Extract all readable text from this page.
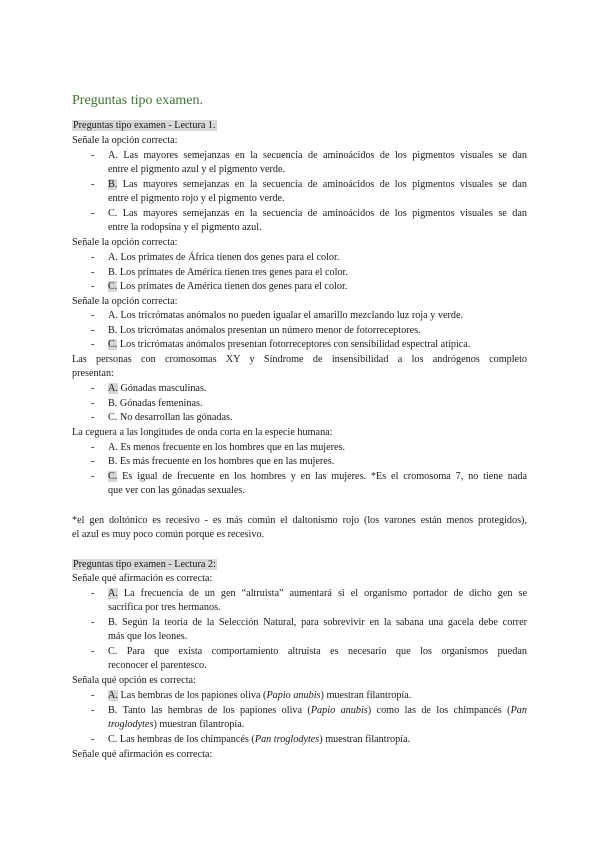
Preguntas tipo examen.
Preguntas tipo examen - Lectura 1.
Señale la opción correcta:
- A. Las mayores semejanzas en la secuencia de aminoácidos de los pigmentos visuales se dan
entre el pigmento azul y el pigmento verde.
- B. Las mayores semejanzas en la secuencia de aminoácidos de los pigmentos visuales se dan
entre el pigmento rojo y el pigmento verde.
- C. Las mayores semejanzas en la secuencia de aminoácidos de los pigmentos visuales se dan
entre la rodopsina y el pigmento azul.
Señale la opción correcta:
- A. Los primates de África tienen dos genes para el color.
- B. Los primates de América tienen tres genes para el color.
- C. Los primates de América tienen dos genes para el color.
Señale la opción correcta:
- A. Los tricrómatas anómalos no pueden igualar el amarillo mezclando luz roja y verde.
- B. Los tricrómatas anómalos presentan un número menor de fotorreceptores.
- C. Los tricrómatas anómalos presentan fotorreceptores con sensibilidad espectral atípica.
Las personas con cromosomas XY y Síndrome de insensibilidad a los andrógenos completo
presentan:
- A. Gónadas masculinas.
- B. Gónadas femeninas.
- C. No desarrollan las gónadas.
La ceguera a las longitudes de onda corta en la especie humana:
- A. Es menos frecuente en los hombres que en las mujeres.
- B. Es más frecuente en los hombres que en las mujeres.
- C. Es igual de frecuente en los hombres y en las mujeres. *Es el cromosoma 7, no tiene nada
que ver con las gónadas sexuales.
*el gen doltónico es recesivo - es más común el daltonismo rojo (los varones están menos protegidos),
el azul es muy poco común porque es recesivo.
Preguntas tipo examen - Lectura 2:
Señale qué afirmación es correcta:
- A. La frecuencia de un gen “altruista” aumentará si el organismo portador de dicho gen se
sacrifica por tres hermanos.
- B. Según la teoría de la Selección Natural, para sobrevivir en la sabana una gacela debe correr
más que los leones.
- C. Para que exista comportamiento altruista es necesario que los organismos puedan
reconocer el parentesco.
Señala qué opción es correcta:
- A. Las hembras de los papiones oliva (Papio anubis) muestran filantropía.
- B. Tanto las hembras de los papiones oliva (Papio anubis) como las de los chimpancés (Pan
troglodytes) muestran filantropía.
- C. Las hembras de los chimpancés (Pan troglodytes) muestran filantropía.
Señale qué afirmación es correcta:
